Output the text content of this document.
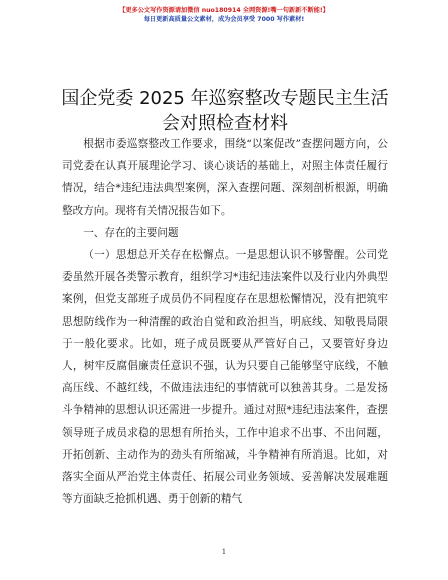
【更多公文写作资源请加微信 nuo180914 全网资源!嘴一句新新不断能!】
每日更新高质量公文素材，成为会员享受 7000 写作素材!
国企党委 2025 年巡察整改专题民主生活会对照检查材料

根据市委巡察整改工作要求，围绕“以案促改”查摆问题方向，公司党委在认真开展理论学习、谈心谈话的基础上，对照主体责任履行情况，结合*违纪违法典型案例，深入查摆问题、深刻剖析根源，明确整改方向。现将有关情况报告如下。

一、存在的主要问题

（一）思想总开关存在松懈点。一是思想认识不够警醒。公司党委虽然开展各类警示教育，组织学习*违纪违法案件以及行业内外典型案例，但党支部班子成员仍不同程度存在思想松懈情况，没有把筑牢思想防线作为一种清醒的政治自觉和政治担当，明底线、知敬畏局限于一般化要求。比如，班子成员既要从严管好自己，又要管好身边人，树牢反腐倡廉责任意识不强，认为只要自己能够坚守底线，不触高压线、不越红线，不做违法违纪的事情就可以独善其身。二是发扬斗争精神的思想认识还需进一步提升。通过对照*违纪违法案件，查摆领导班子成员求稳的思想有所抬头，工作中追求不出事、不出问题，开拓创新、主动作为的劲头有所缩减，斗争精神有所消退。比如，对落实全面从严治党主体责任、拓展公司业务领域、妥善解决发展难题等方面缺乏抢抓机遇、勇于创新的精气

1
